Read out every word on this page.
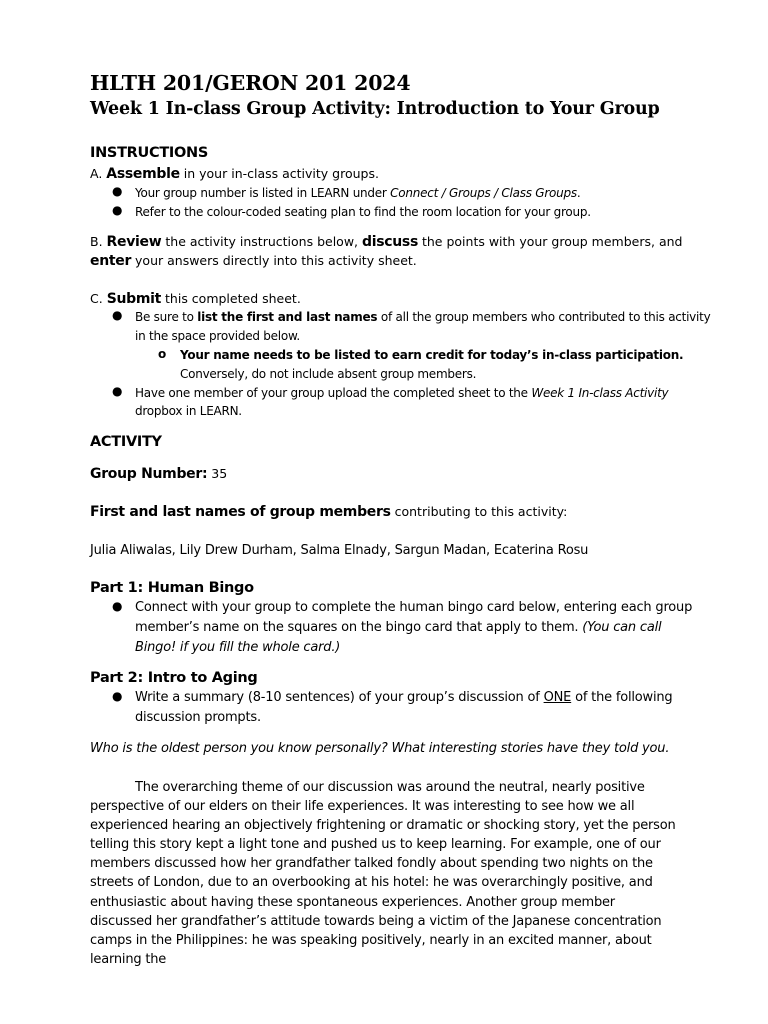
HLTH 201/GERON 201 2024
Week 1 In-class Group Activity: Introduction to Your Group
INSTRUCTIONS
A. Assemble in your in-class activity groups.
● Your group number is listed in LEARN under Connect / Groups / Class Groups.
● Refer to the colour-coded seating plan to find the room location for your group.
B. Review the activity instructions below, discuss the points with your group members, and
enter your answers directly into this activity sheet.
C. Submit this completed sheet.
● Be sure to list the first and last names of all the group members who contributed to this activity
in the space provided below.
o Your name needs to be listed to earn credit for today’s in-class participation.
Conversely, do not include absent group members.
● Have one member of your group upload the completed sheet to the Week 1 In-class Activity
dropbox in LEARN.
ACTIVITY
Group Number: 35
First and last names of group members contributing to this activity:
Julia Aliwalas, Lily Drew Durham, Salma Elnady, Sargun Madan, Ecaterina Rosu
Part 1: Human Bingo
● Connect with your group to complete the human bingo card below, entering each group
member’s name on the squares on the bingo card that apply to them. (You can call
Bingo! if you fill the whole card.)
Part 2: Intro to Aging
● Write a summary (8-10 sentences) of your group’s discussion of ONE of the following
discussion prompts.
Who is the oldest person you know personally? What interesting stories have they told you.

The overarching theme of our discussion was around the neutral, nearly positive perspective of our elders on their life experiences. It was interesting to see how we all experienced hearing an objectively frightening or dramatic or shocking story, yet the person telling this story kept a light tone and pushed us to keep learning. For example, one of our members discussed how her grandfather talked fondly about spending two nights on the streets of London, due to an overbooking at his hotel: he was overarchingly positive, and enthusiastic about having these spontaneous experiences. Another group member discussed her grandfather’s attitude towards being a victim of the Japanese concentration camps in the Philippines: he was speaking positively, nearly in an excited manner, about learning the
